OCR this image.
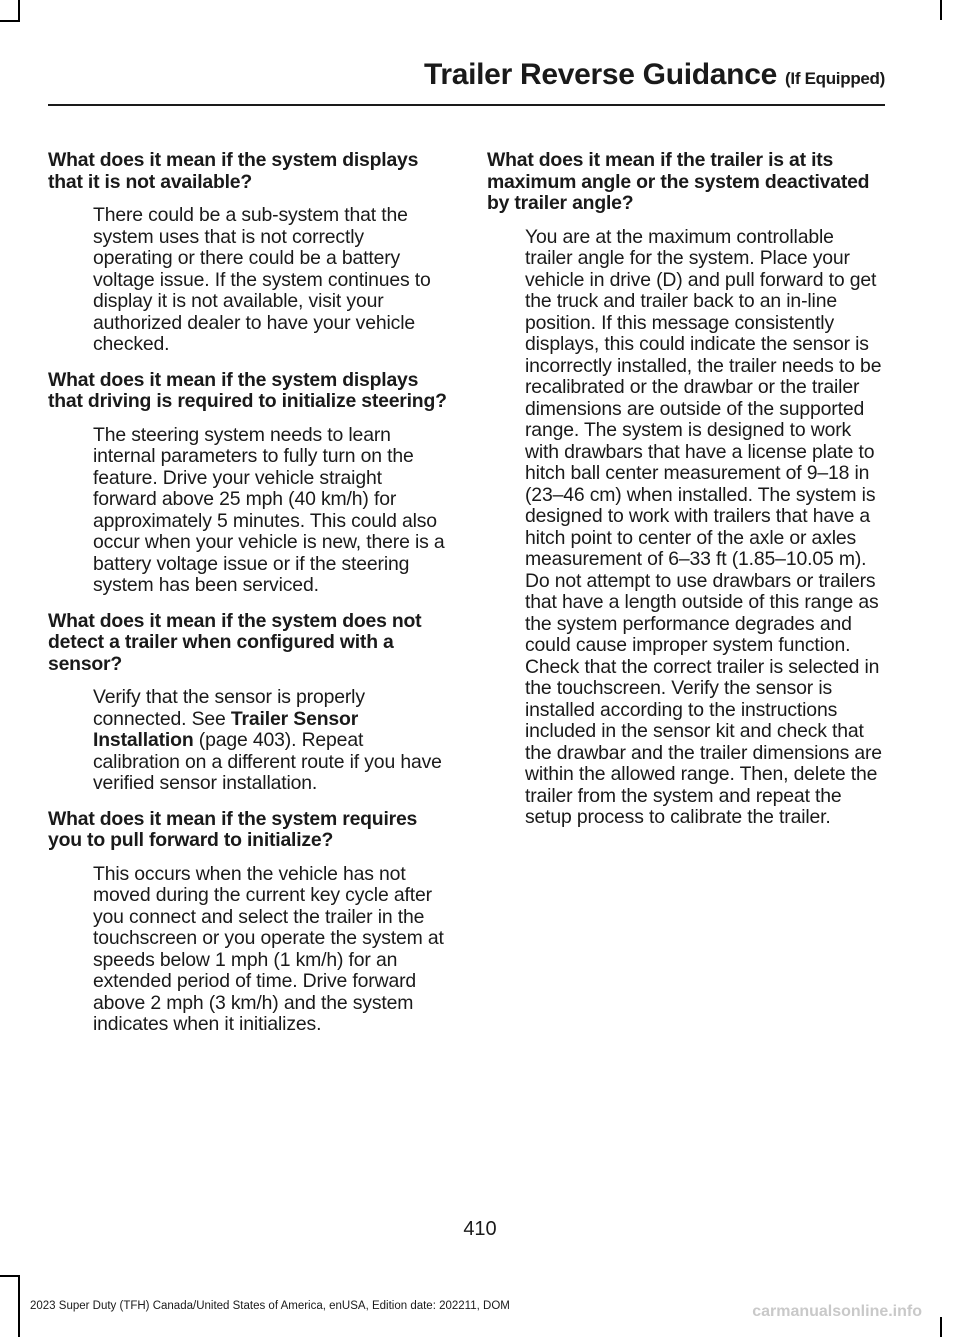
Trailer Reverse Guidance (If Equipped)

What does it mean if the system displays that it is not available?

There could be a sub-system that the system uses that is not correctly operating or there could be a battery voltage issue. If the system continues to display it is not available, visit your authorized dealer to have your vehicle checked.

What does it mean if the system displays that driving is required to initialize steering?

The steering system needs to learn internal parameters to fully turn on the feature. Drive your vehicle straight forward above 25 mph (40 km/h) for approximately 5 minutes. This could also occur when your vehicle is new, there is a battery voltage issue or if the steering system has been serviced.

What does it mean if the system does not detect a trailer when configured with a sensor?

Verify that the sensor is properly connected. See Trailer Sensor Installation (page 403). Repeat calibration on a different route if you have verified sensor installation.

What does it mean if the system requires you to pull forward to initialize?

This occurs when the vehicle has not moved during the current key cycle after you connect and select the trailer in the touchscreen or you operate the system at speeds below 1 mph (1 km/h) for an extended period of time. Drive forward above 2 mph (3 km/h) and the system indicates when it initializes.

What does it mean if the trailer is at its maximum angle or the system deactivated by trailer angle?

You are at the maximum controllable trailer angle for the system. Place your vehicle in drive (D) and pull forward to get the truck and trailer back to an in-line position. If this message consistently displays, this could indicate the sensor is incorrectly installed, the trailer needs to be recalibrated or the drawbar or the trailer dimensions are outside of the supported range. The system is designed to work with drawbars that have a license plate to hitch ball center measurement of 9–18 in (23–46 cm) when installed. The system is designed to work with trailers that have a hitch point to center of the axle or axles measurement of 6–33 ft (1.85–10.05 m). Do not attempt to use drawbars or trailers that have a length outside of this range as the system performance degrades and could cause improper system function. Check that the correct trailer is selected in the touchscreen. Verify the sensor is installed according to the instructions included in the sensor kit and check that the drawbar and the trailer dimensions are within the allowed range. Then, delete the trailer from the system and repeat the setup process to calibrate the trailer.

410
2023 Super Duty (TFH) Canada/United States of America, enUSA, Edition date: 202211, DOM	carmanualsonline.info
